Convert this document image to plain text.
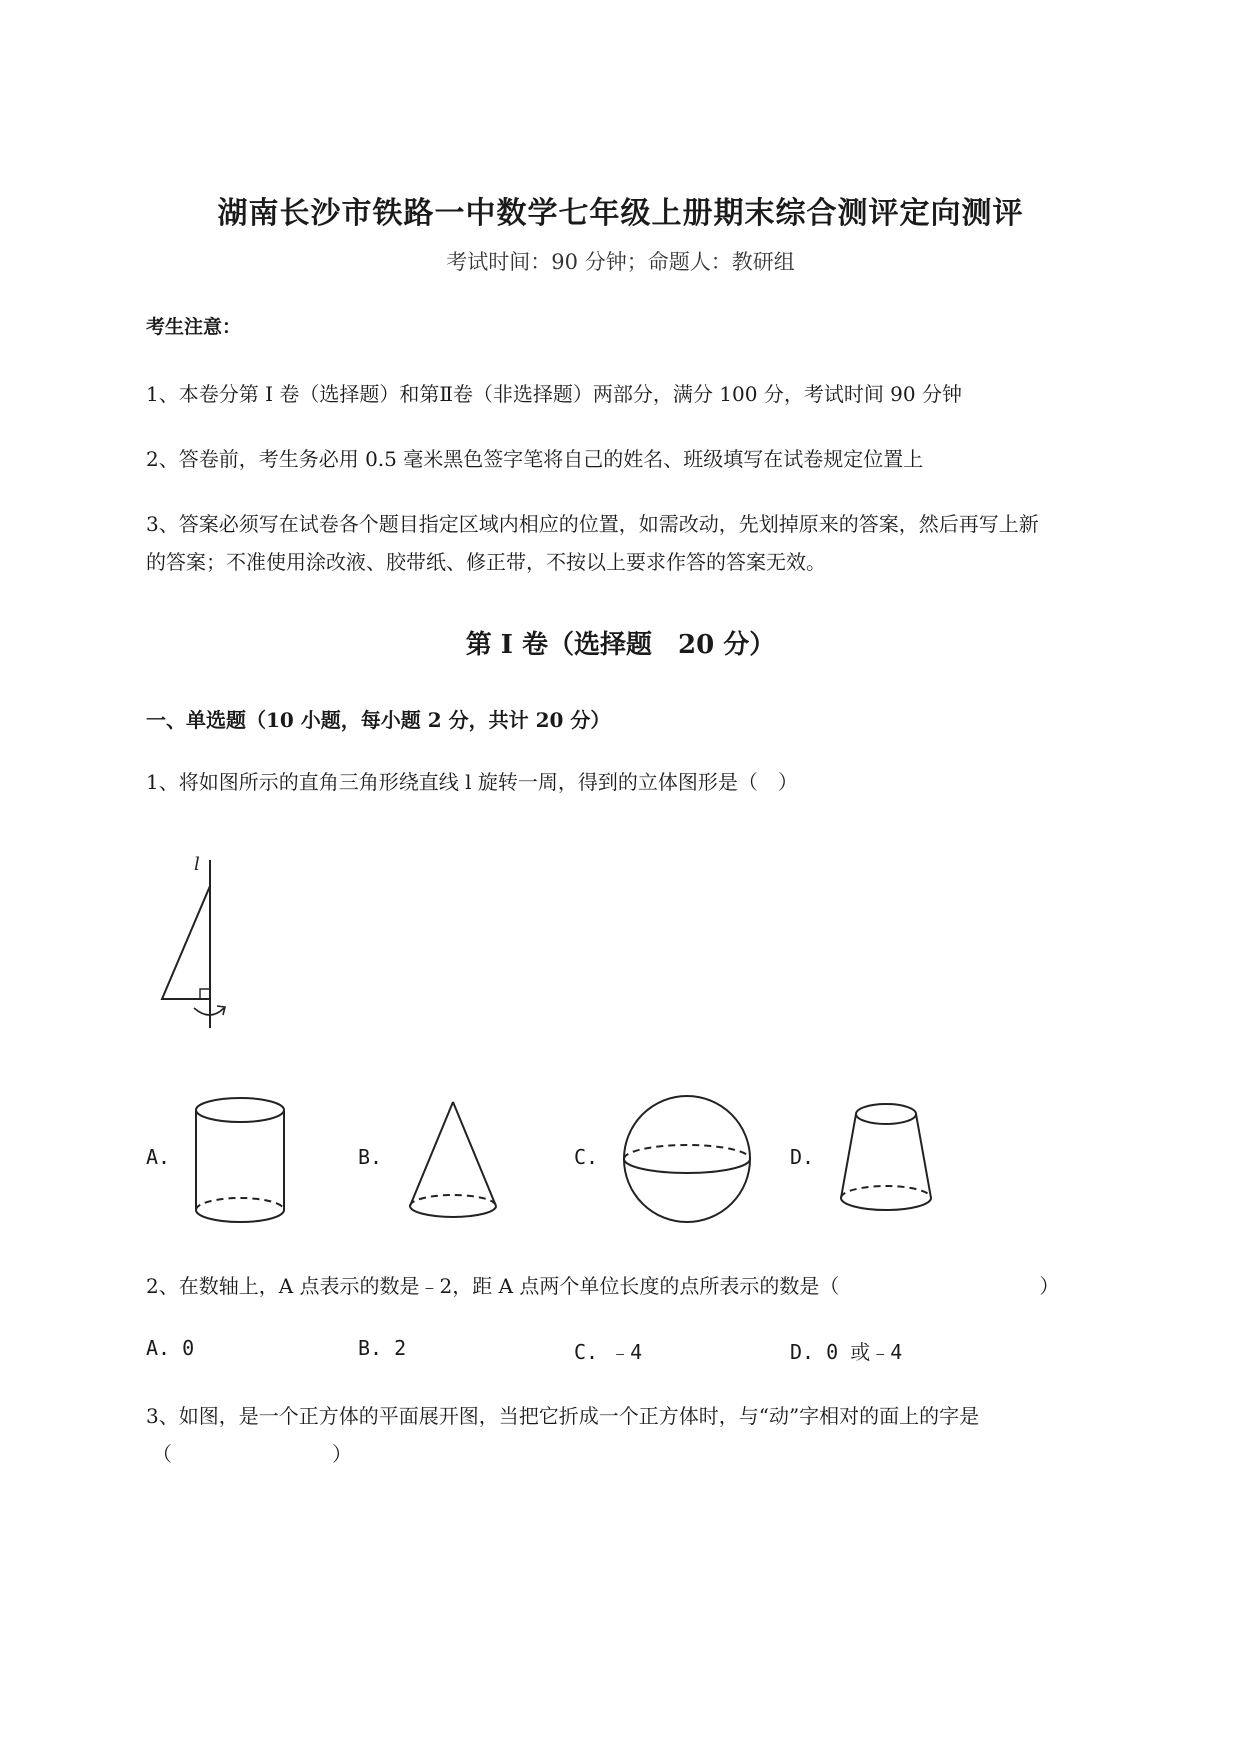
湖南长沙市铁路一中数学七年级上册期末综合测评定向测评
考试时间：90 分钟；命题人：教研组
考生注意：
1、本卷分第 I 卷（选择题）和第Ⅱ卷（非选择题）两部分，满分 100 分，考试时间 90 分钟
2、答卷前，考生务必用 0.5 毫米黑色签字笔将自己的姓名、班级填写在试卷规定位置上
3、答案必须写在试卷各个题目指定区域内相应的位置，如需改动，先划掉原来的答案，然后再写上新
的答案；不准使用涂改液、胶带纸、修正带，不按以上要求作答的答案无效。
第 I 卷（选择题　20 分）
一、单选题（10 小题，每小题 2 分，共计 20 分）
1、将如图所示的直角三角形绕直线 l 旋转一周，得到的立体图形是（　）
l
A.	B.	C.	D.
2、在数轴上，A 点表示的数是﹣2，距 A 点两个单位长度的点所表示的数是（　　　　　　　　　　）
A. 0	B. 2	C. ﹣4	D. 0 或﹣4
3、如图，是一个正方体的平面展开图，当把它折成一个正方体时，与“动”字相对的面上的字是
（　　　　　　　　）
